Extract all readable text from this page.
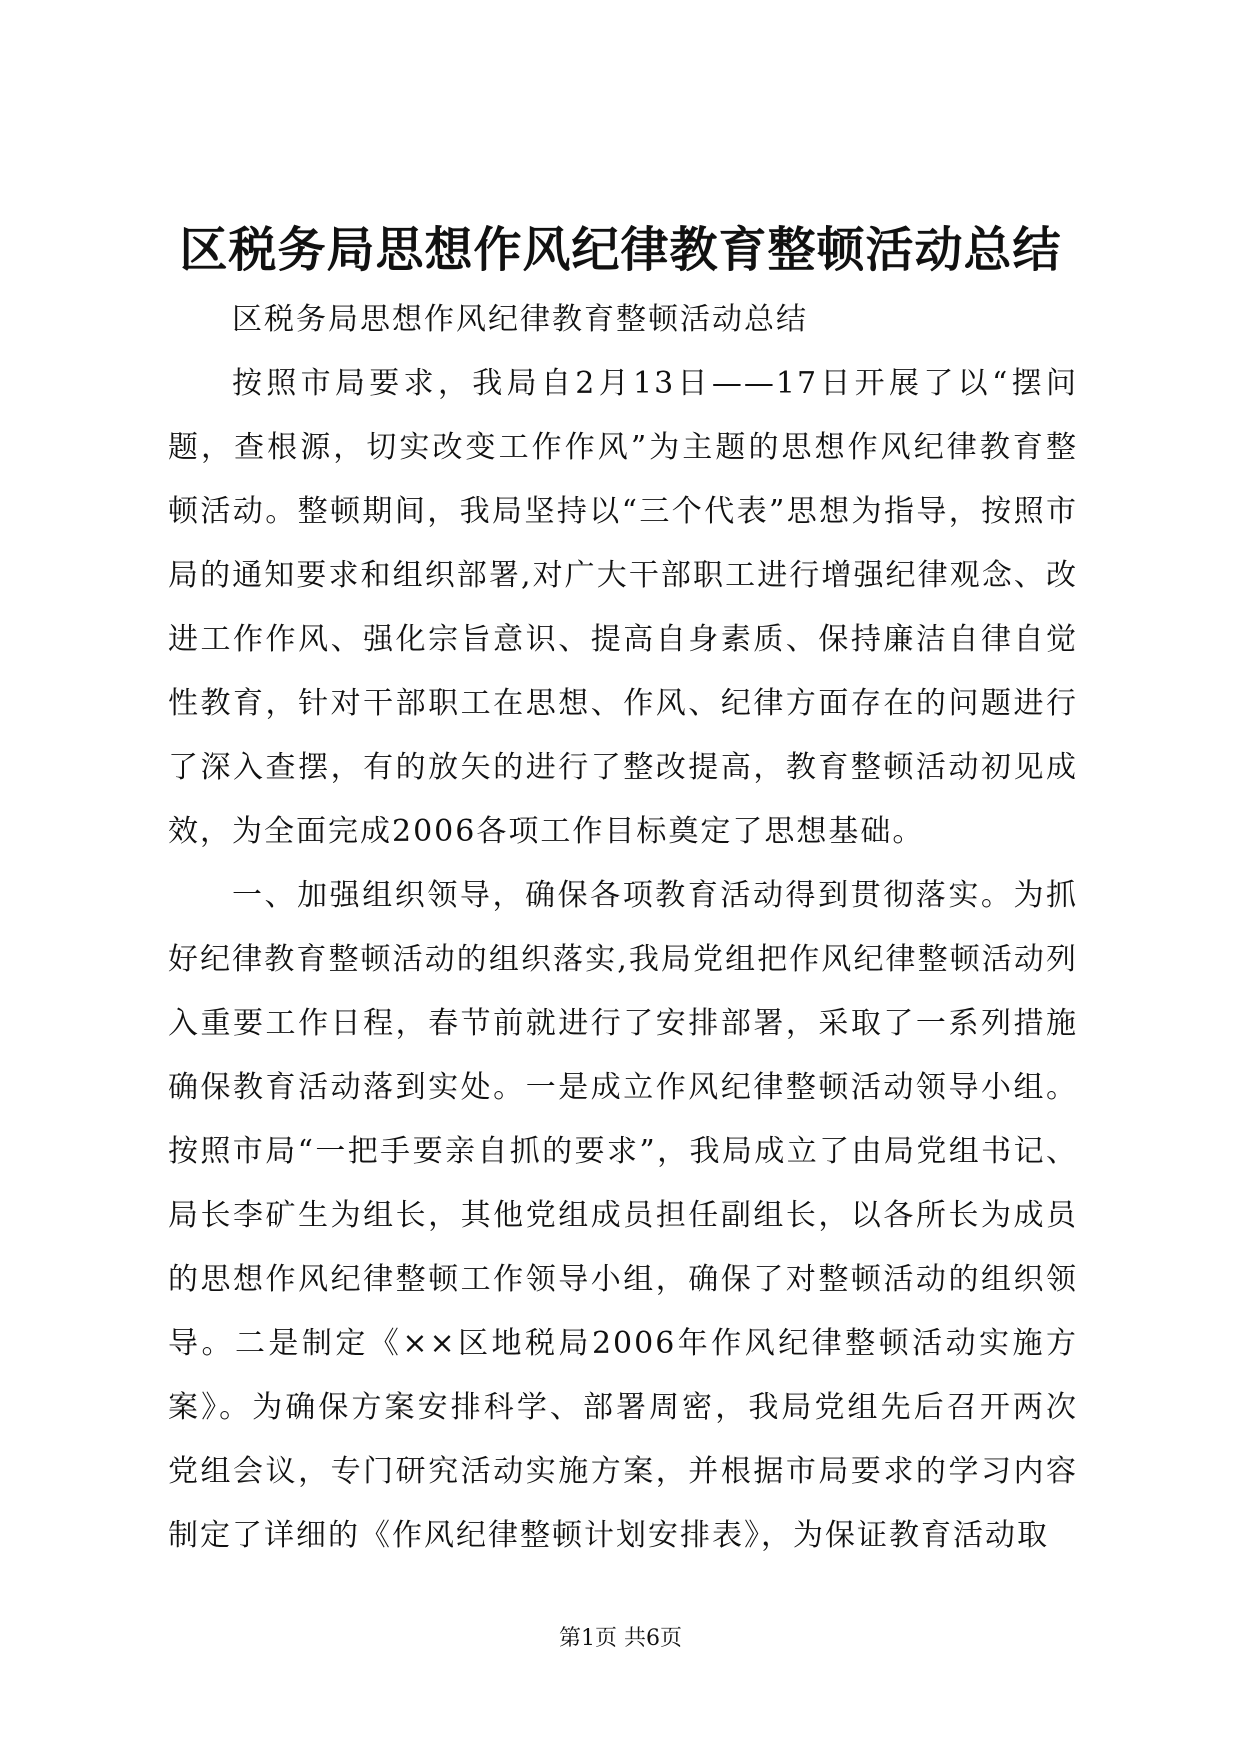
区税务局思想作风纪律教育整顿活动总结

区税务局思想作风纪律教育整顿活动总结

按照市局要求，我局自2月13日——17日开展了以“摆问题，查根源，切实改变工作作风”为主题的思想作风纪律教育整顿活动。整顿期间，我局坚持以“三个代表”思想为指导，按照市局的通知要求和组织部署,对广大干部职工进行增强纪律观念、改进工作作风、强化宗旨意识、提高自身素质、保持廉洁自律自觉性教育，针对干部职工在思想、作风、纪律方面存在的问题进行了深入查摆，有的放矢的进行了整改提高，教育整顿活动初见成效，为全面完成2006各项工作目标奠定了思想基础。

一、加强组织领导，确保各项教育活动得到贯彻落实。为抓好纪律教育整顿活动的组织落实,我局党组把作风纪律整顿活动列入重要工作日程，春节前就进行了安排部署，采取了一系列措施确保教育活动落到实处。一是成立作风纪律整顿活动领导小组。按照市局“一把手要亲自抓的要求”，我局成立了由局党组书记、局长李矿生为组长，其他党组成员担任副组长，以各所长为成员的思想作风纪律整顿工作领导小组，确保了对整顿活动的组织领导。二是制定《××区地税局2006年作风纪律整顿活动实施方案》。为确保方案安排科学、部署周密，我局党组先后召开两次党组会议，专门研究活动实施方案，并根据市局要求的学习内容制定了详细的《作风纪律整顿计划安排表》，为保证教育活动取

第1页 共6页
